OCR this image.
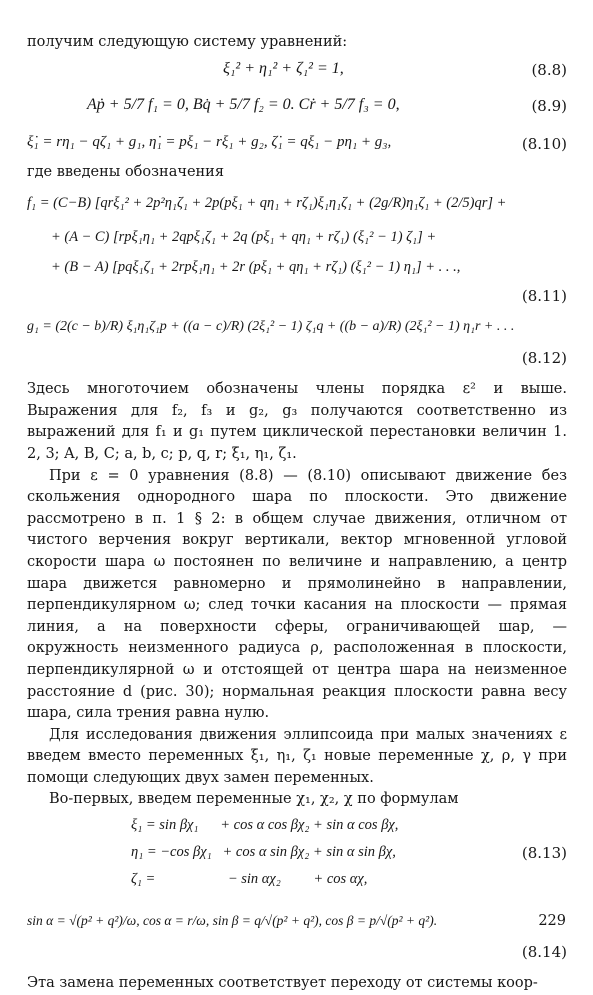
получим следующую систему уравнений:

ξ₁² + η₁² + ζ₁² = 1,	(8.8)
Aṗ + 5/7 f₁ = 0, Bq̇ + 5/7 f₂ = 0. Cṙ + 5/7 f₃ = 0,	(8.9)
ξ̇₁ = rη₁ − qζ₁ + g₁, η̇₁ = pξ₁ − rξ₁ + g₂, ζ̇₁ = qξ₁ − pη₁ + g₃,	(8.10)

где введены обозначения

f₁ = (C−B) [qrξ₁² + 2p²η₁ζ₁ + 2p(pξ₁ + qη₁ + rζ₁)ξ₁η₁ζ₁ + (2g/R)η₁ζ₁ + (2/5)qr] +
+ (A − C) [rpξ₁η₁ + 2qpξ₁ζ₁ + 2q (pξ₁ + qη₁ + rζ₁) (ξ₁² − 1) ζ₁] +
+ (B − A) [pqξ₁ζ₁ + 2rpξ₁η₁ + 2r (pξ₁ + qη₁ + rζ₁) (ξ₁² − 1) η₁] + . . .,
(8.11)
g₁ = (2(c − b)/R) ξ₁η₁ζ₁p + ((a − c)/R) (2ξ₁² − 1) ζ₁q + ((b − a)/R) (2ξ₁² − 1) η₁r + . . .
(8.12)

Здесь многоточием обозначены члены порядка ε² и выше. Выражения для f₂, f₃ и g₂, g₃ получаются соответственно из выражений для f₁ и g₁ путем циклической перестановки величин 1. 2, 3; A, B, C; a, b, c; p, q, r; ξ₁, η₁, ζ₁.

При ε = 0 уравнения (8.8) — (8.10) описывают движение без скольжения однородного шара по плоскости. Это движение рассмотрено в п. 1 § 2: в общем случае движения, отличном от чистого верчения вокруг вертикали, вектор мгновенной угловой скорости шара ω постоянен по величине и направлению, а центр шара движется равномерно и прямолинейно в направлении, перпендикулярном ω; след точки касания на плоскости — прямая линия, а на поверхности сферы, ограничивающей шар, — окружность неизменного радиуса ρ, расположенная в плоскости, перпендикулярной ω и отстоящей от центра шара на неизменное расстояние d (рис. 30); нормальная реакция плоскости равна весу шара, сила трения равна нулю.

Для исследования движения эллипсоида при малых значениях ε введем вместо переменных ξ₁, η₁, ζ₁ новые переменные χ, ρ, γ при помощи следующих двух замен переменных.

Во-первых, введем переменные χ₁, χ₂, χ по формулам

ξ₁ = sin βχ₁      + cos α cos βχ₂ + sin α cos βχ,
η₁ = −cos βχ₁   + cos α sin βχ₂ + sin α sin βχ,
ζ₁ =                    − sin αχ₂         + cos αχ,
(8.13)
sin α = √(p² + q²)/ω, cos α = r/ω, sin β = q/√(p² + q²), cos β = p/√(p² + q²).
(8.14)

Эта замена переменных соответствует переходу от системы коор-

229
